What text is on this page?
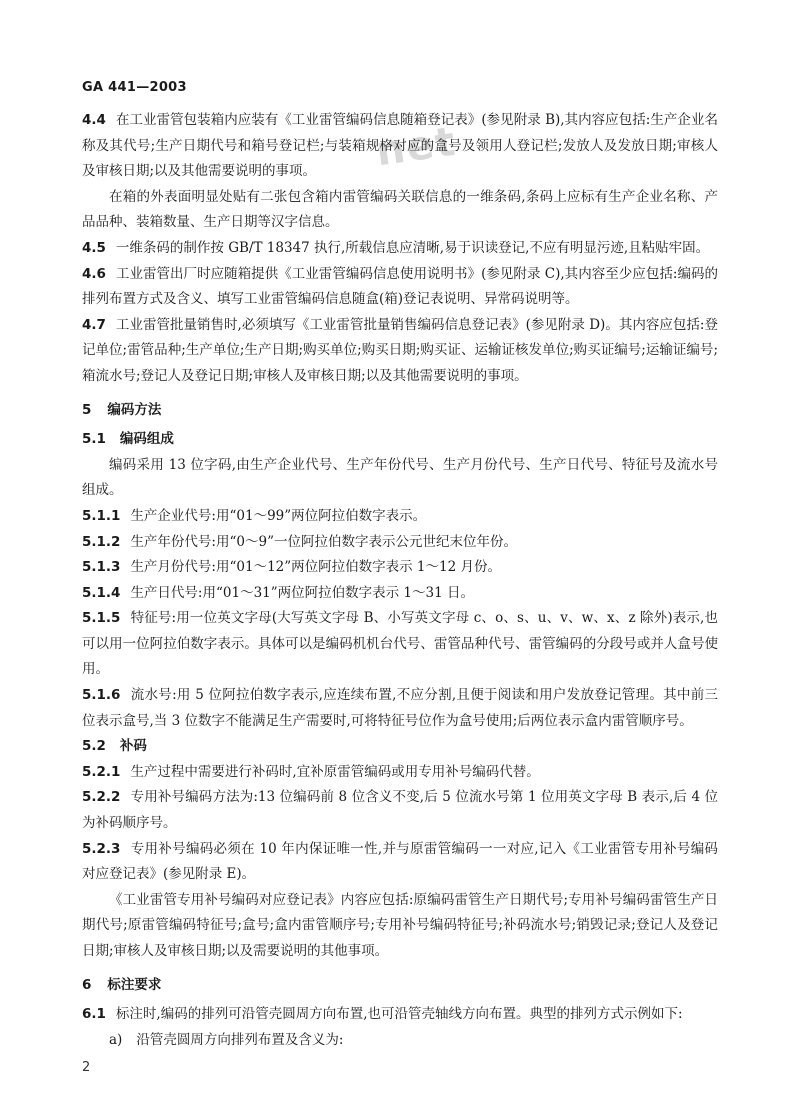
GA 441—2003
net

4.4 在工业雷管包装箱内应装有《工业雷管编码信息随箱登记表》(参见附录 B),其内容应包括:生产企业名称及其代号;生产日期代号和箱号登记栏;与装箱规格对应的盒号及领用人登记栏;发放人及发放日期;审核人及审核日期;以及其他需要说明的事项。

在箱的外表面明显处贴有二张包含箱内雷管编码关联信息的一维条码,条码上应标有生产企业名称、产品品种、装箱数量、生产日期等汉字信息。

4.5 一维条码的制作按 GB/T 18347 执行,所载信息应清晰,易于识读登记,不应有明显污迹,且粘贴牢固。

4.6 工业雷管出厂时应随箱提供《工业雷管编码信息使用说明书》(参见附录 C),其内容至少应包括:编码的排列布置方式及含义、填写工业雷管编码信息随盒(箱)登记表说明、异常码说明等。

4.7 工业雷管批量销售时,必须填写《工业雷管批量销售编码信息登记表》(参见附录 D)。其内容应包括:登记单位;雷管品种;生产单位;生产日期;购买单位;购买日期;购买证、运输证核发单位;购买证编号;运输证编号;箱流水号;登记人及登记日期;审核人及审核日期;以及其他需要说明的事项。

5 编码方法

5.1 编码组成

编码采用 13 位字码,由生产企业代号、生产年份代号、生产月份代号、生产日代号、特征号及流水号组成。

5.1.1 生产企业代号:用“01～99”两位阿拉伯数字表示。

5.1.2 生产年份代号:用“0～9”一位阿拉伯数字表示公元世纪末位年份。

5.1.3 生产月份代号:用“01～12”两位阿拉伯数字表示 1～12 月份。

5.1.4 生产日代号:用“01～31”两位阿拉伯数字表示 1～31 日。

5.1.5 特征号:用一位英文字母(大写英文字母 B、小写英文字母 c、o、s、u、v、w、x、z 除外)表示,也可以用一位阿拉伯数字表示。具体可以是编码机机台代号、雷管品种代号、雷管编码的分段号或并人盒号使用。

5.1.6 流水号:用 5 位阿拉伯数字表示,应连续布置,不应分割,且便于阅读和用户发放登记管理。其中前三位表示盒号,当 3 位数字不能满足生产需要时,可将特征号位作为盒号使用;后两位表示盒内雷管顺序号。

5.2 补码

5.2.1 生产过程中需要进行补码时,宜补原雷管编码或用专用补号编码代替。

5.2.2 专用补号编码方法为:13 位编码前 8 位含义不变,后 5 位流水号第 1 位用英文字母 B 表示,后 4 位为补码顺序号。

5.2.3 专用补号编码必须在 10 年内保证唯一性,并与原雷管编码一一对应,记入《工业雷管专用补号编码对应登记表》(参见附录 E)。

《工业雷管专用补号编码对应登记表》内容应包括:原编码雷管生产日期代号;专用补号编码雷管生产日期代号;原雷管编码特征号;盒号;盒内雷管顺序号;专用补号编码特征号;补码流水号;销毁记录;登记人及登记日期;审核人及审核日期;以及需要说明的其他事项。

6 标注要求

6.1 标注时,编码的排列可沿管壳圆周方向布置,也可沿管壳轴线方向布置。典型的排列方式示例如下:

a) 沿管壳圆周方向排列布置及含义为:

2
